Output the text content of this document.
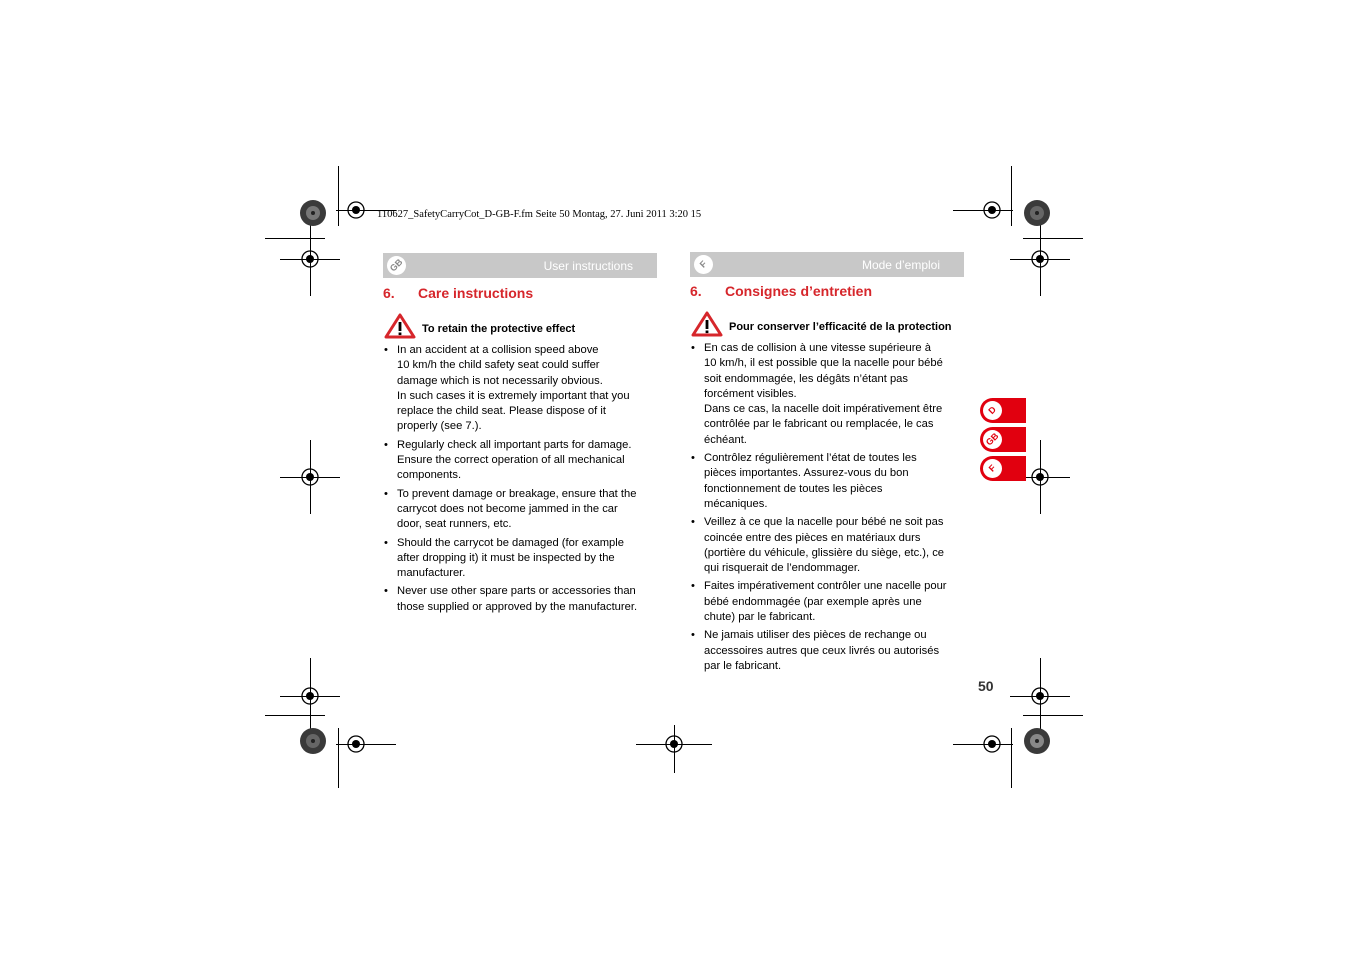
110627_SafetyCarryCot_D-GB-F.fm Seite 50 Montag, 27. Juni 2011 3:20 15
GB	User instructions
6. Care instructions
To retain the protective effect
• In an accident at a collision speed above
10 km/h the child safety seat could suffer
damage which is not necessarily obvious.
In such cases it is extremely important that you
replace the child seat. Please dispose of it
properly (see 7.).
• Regularly check all important parts for damage.
Ensure the correct operation of all mechanical
components.
• To prevent damage or breakage, ensure that the
carrycot does not become jammed in the car
door, seat runners, etc.
• Should the carrycot be damaged (for example
after dropping it) it must be inspected by the
manufacturer.
• Never use other spare parts or accessories than
those supplied or approved by the manufacturer.
F	Mode d’emploi
6. Consignes d’entretien
Pour conserver l’efficacité de la protection
• En cas de collision à une vitesse supérieure à
10 km/h, il est possible que la nacelle pour bébé
soit endommagée, les dégâts n’étant pas
forcément visibles.
Dans ce cas, la nacelle doit impérativement être
contrôlée par le fabricant ou remplacée, le cas
échéant.
• Contrôlez régulièrement l’état de toutes les
pièces importantes. Assurez-vous du bon
fonctionnement de toutes les pièces
mécaniques.
• Veillez à ce que la nacelle pour bébé ne soit pas
coincée entre des pièces en matériaux durs
(portière du véhicule, glissière du siège, etc.), ce
qui risquerait de l’endommager.
• Faites impérativement contrôler une nacelle pour
bébé endommagée (par exemple après une
chute) par le fabricant.
• Ne jamais utiliser des pièces de rechange ou
accessoires autres que ceux livrés ou autorisés
par le fabricant.
D
GB
F
50
